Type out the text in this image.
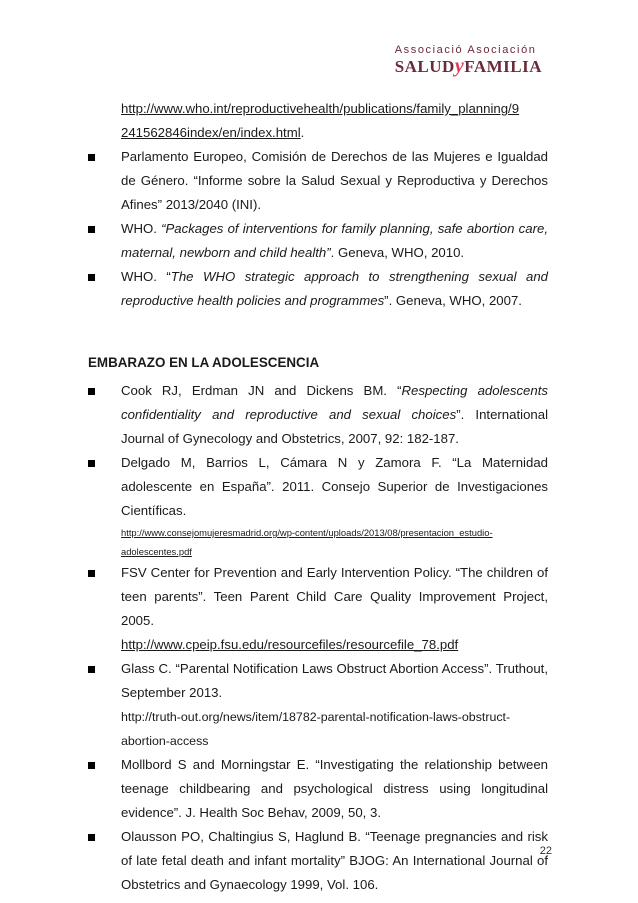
Associació Asociación
SALUDyFAMILIA
http://www.who.int/reproductivehealth/publications/family_planning/9
241562846index/en/index.html.
Parlamento Europeo, Comisión de Derechos de las Mujeres e Igualdad de Género. “Informe sobre la Salud Sexual y Reproductiva y Derechos Afines” 2013/2040 (INI).
WHO. “Packages of interventions for family planning, safe abortion care, maternal, newborn and child health”. Geneva, WHO, 2010.
WHO. “The WHO strategic approach to strengthening sexual and reproductive health policies and programmes”. Geneva, WHO, 2007.
EMBARAZO EN LA ADOLESCENCIA
Cook RJ, Erdman JN and Dickens BM. “Respecting adolescents confidentiality and reproductive and sexual choices”. International Journal of Gynecology and Obstetrics, 2007, 92: 182-187.
Delgado M, Barrios L, Cámara N y Zamora F. “La Maternidad adolescente en España”. 2011. Consejo Superior de Investigaciones Científicas.
http://www.consejomujeresmadrid.org/wp-content/uploads/2013/08/presentacion_estudio-adolescentes.pdf
FSV Center for Prevention and Early Intervention Policy. “The children of teen parents”. Teen Parent Child Care Quality Improvement Project, 2005.
http://www.cpeip.fsu.edu/resourcefiles/resourcefile_78.pdf
Glass C. “Parental Notification Laws Obstruct Abortion Access”. Truthout, September 2013.
http://truth-out.org/news/item/18782-parental-notification-laws-obstruct-abortion-access
Mollbord S and Morningstar E. “Investigating the relationship between teenage childbearing and psychological distress using longitudinal evidence”. J. Health Soc Behav, 2009, 50, 3.
Olausson PO, Chaltingius S, Haglund B. “Teenage pregnancies and risk of late fetal death and infant mortality” BJOG: An International Journal of Obstetrics and Gynaecology 1999, Vol. 106.
22
